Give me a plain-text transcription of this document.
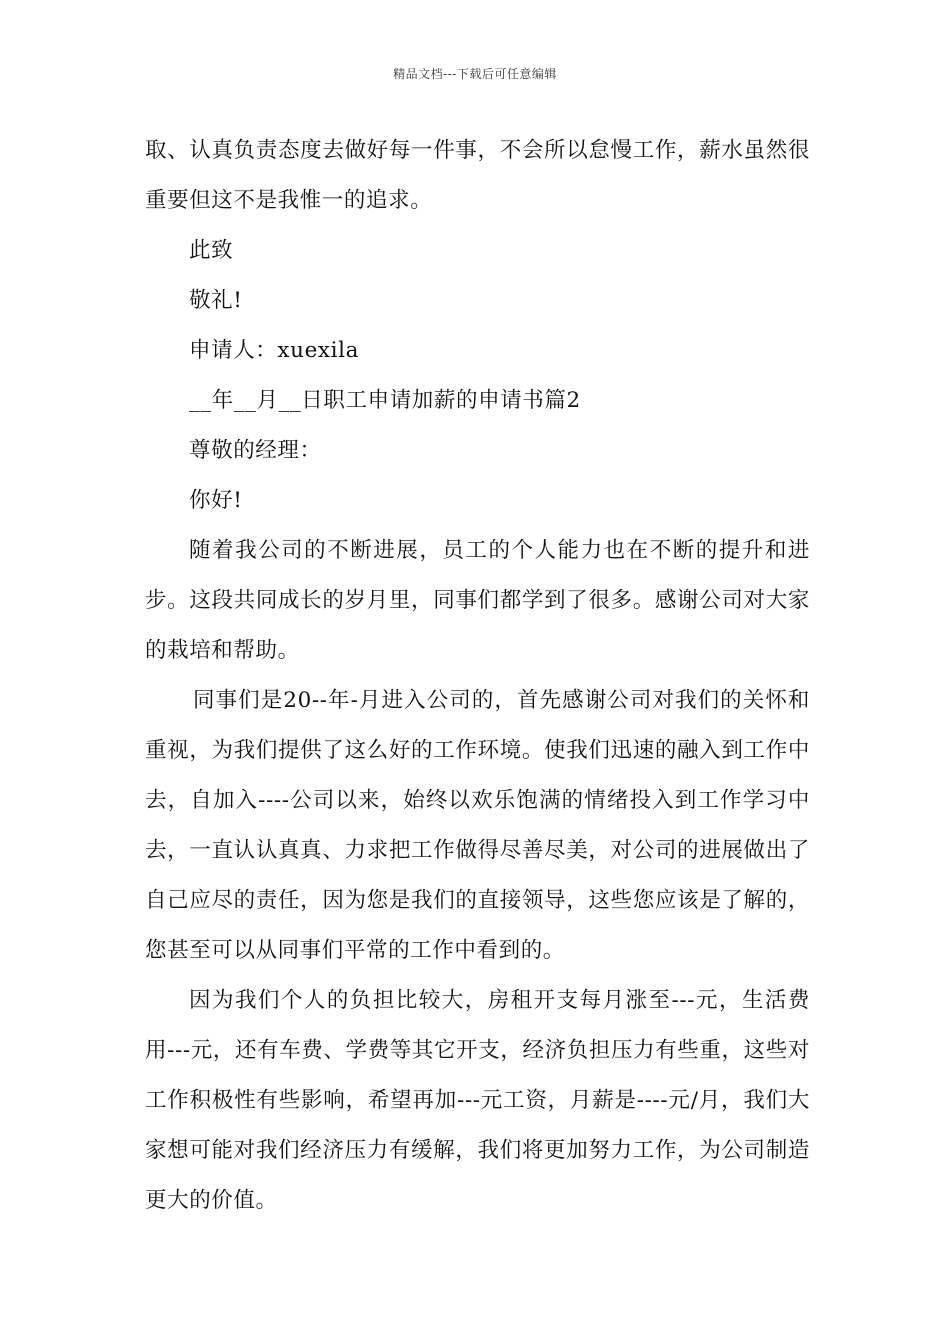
精品文档---下载后可任意编辑

取、认真负责态度去做好每一件事，不会所以怠慢工作，薪水虽然很重要但这不是我惟一的追求。

此致

敬礼!

申请人：xuexila

__年__月__日职工申请加薪的申请书篇2

尊敬的经理：

你好!

随着我公司的不断进展，员工的个人能力也在不断的提升和进步。这段共同成长的岁月里，同事们都学到了很多。感谢公司对大家的栽培和帮助。

同事们是20--年-月进入公司的，首先感谢公司对我们的关怀和重视，为我们提供了这么好的工作环境。使我们迅速的融入到工作中去，自加入----公司以来，始终以欢乐饱满的情绪投入到工作学习中去，一直认认真真、力求把工作做得尽善尽美，对公司的进展做出了自己应尽的责任，因为您是我们的直接领导，这些您应该是了解的，您甚至可以从同事们平常的工作中看到的。

因为我们个人的负担比较大，房租开支每月涨至---元，生活费用---元，还有车费、学费等其它开支，经济负担压力有些重，这些对工作积极性有些影响，希望再加---元工资，月薪是----元/月，我们大家想可能对我们经济压力有缓解，我们将更加努力工作，为公司制造更大的价值。
